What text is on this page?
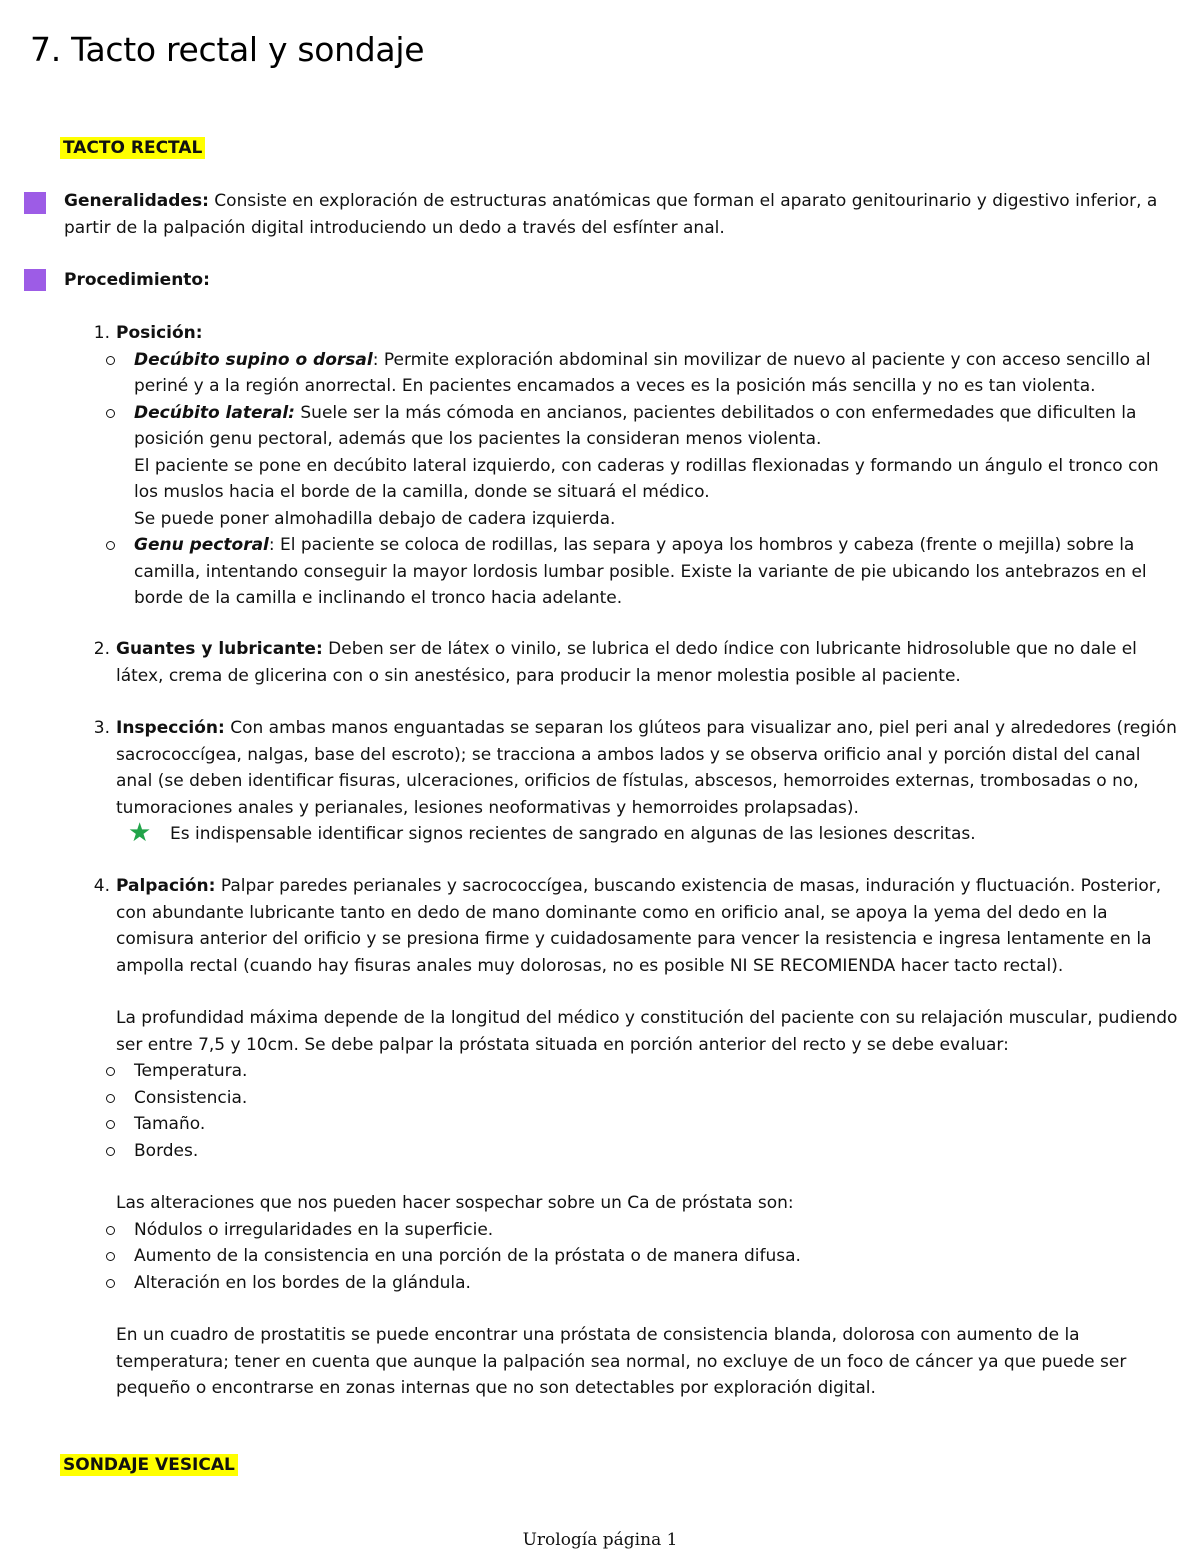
7. Tacto rectal y sondaje
TACTO RECTAL
Generalidades: Consiste en exploración de estructuras anatómicas que forman el aparato genitourinario y digestivo inferior, a partir de la palpación digital introduciendo un dedo a través del esfínter anal.
Procedimiento:
1. Posición:
Decúbito supino o dorsal: Permite exploración abdominal sin movilizar de nuevo al paciente y con acceso sencillo al periné y a la región anorrectal. En pacientes encamados a veces es la posición más sencilla y no es tan violenta.
Decúbito lateral: Suele ser la más cómoda en ancianos, pacientes debilitados o con enfermedades que dificulten la posición genu pectoral, además que los pacientes la consideran menos violenta.
El paciente se pone en decúbito lateral izquierdo, con caderas y rodillas flexionadas y formando un ángulo el tronco con los muslos hacia el borde de la camilla, donde se situará el médico.
Se puede poner almohadilla debajo de cadera izquierda.
Genu pectoral: El paciente se coloca de rodillas, las separa y apoya los hombros y cabeza (frente o mejilla) sobre la camilla, intentando conseguir la mayor lordosis lumbar posible. Existe la variante de pie ubicando los antebrazos en el borde de la camilla e inclinando el tronco hacia adelante.
2. Guantes y lubricante: Deben ser de látex o vinilo, se lubrica el dedo índice con lubricante hidrosoluble que no dale el látex, crema de glicerina con o sin anestésico, para producir la menor molestia posible al paciente.
3. Inspección: Con ambas manos enguantadas se separan los glúteos para visualizar ano, piel peri anal y alrededores (región sacrococcígea, nalgas, base del escroto); se tracciona a ambos lados y se observa orificio anal y porción distal del canal anal (se deben identificar fisuras, ulceraciones, orificios de fístulas, abscesos, hemorroides externas, trombosadas o no, tumoraciones anales y perianales, lesiones neoformativas y hemorroides prolapsadas).
★ Es indispensable identificar signos recientes de sangrado en algunas de las lesiones descritas.
4. Palpación: Palpar paredes perianales y sacrococcígea, buscando existencia de masas, induración y fluctuación. Posterior, con abundante lubricante tanto en dedo de mano dominante como en orificio anal, se apoya la yema del dedo en la comisura anterior del orificio y se presiona firme y cuidadosamente para vencer la resistencia e ingresa lentamente en la ampolla rectal (cuando hay fisuras anales muy dolorosas, no es posible NI SE RECOMIENDA hacer tacto rectal).
La profundidad máxima depende de la longitud del médico y constitución del paciente con su relajación muscular, pudiendo ser entre 7,5 y 10cm. Se debe palpar la próstata situada en porción anterior del recto y se debe evaluar:
Temperatura.
Consistencia.
Tamaño.
Bordes.
Las alteraciones que nos pueden hacer sospechar sobre un Ca de próstata son:
Nódulos o irregularidades en la superficie.
Aumento de la consistencia en una porción de la próstata o de manera difusa.
Alteración en los bordes de la glándula.
En un cuadro de prostatitis se puede encontrar una próstata de consistencia blanda, dolorosa con aumento de la temperatura; tener en cuenta que aunque la palpación sea normal, no excluye de un foco de cáncer ya que puede ser pequeño o encontrarse en zonas internas que no son detectables por exploración digital.
SONDAJE VESICAL
Urología página 1
